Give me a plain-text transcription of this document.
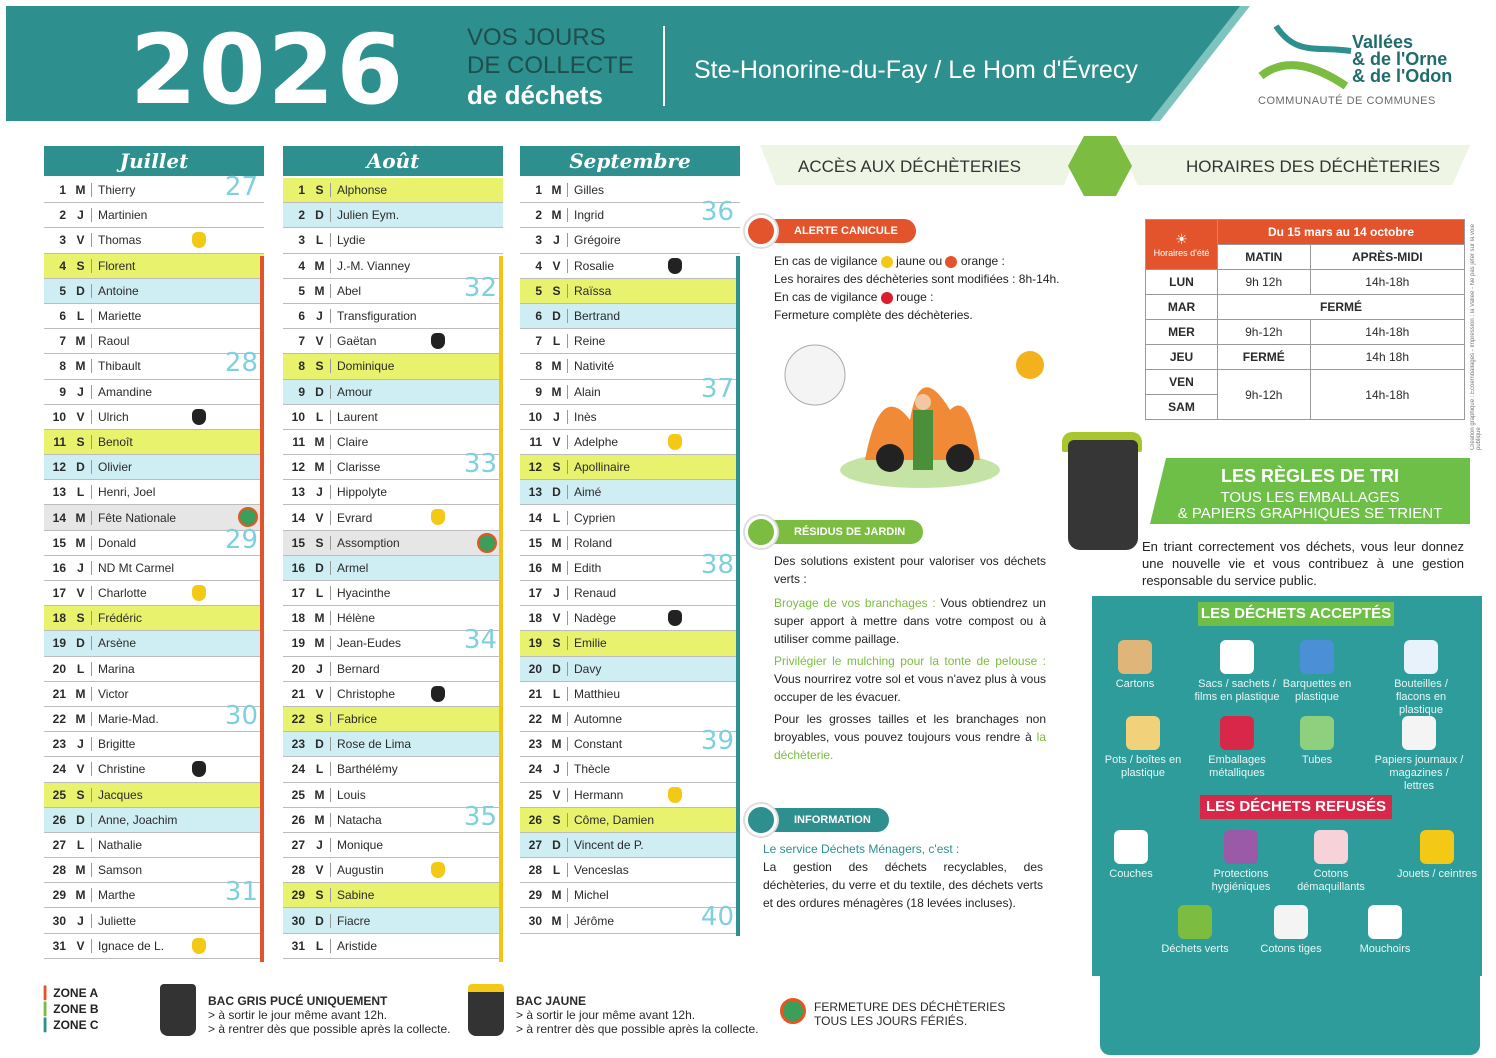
2026	VOS JOURS
DE COLLECTE
de déchets
Ste-Honorine-du-Fay / Le Hom d'Évrecy
Vallées
& de l'Orne
& de l'Odon
COMMUNAUTÉ DE COMMUNES
Juillet
1 M	Thierry	27
2 J	Martinien
3 V	Thomas
4 S	Florent
5 D	Antoine
6 L	Mariette
7 M	Raoul
8 M	Thibault	28
9 J	Amandine
10 V	Ulrich
11 S	Benoît
12 D	Olivier
13 L	Henri, Joel
14 M	Fête Nationale
15 M	Donald	29
16 J	ND Mt Carmel
17 V	Charlotte
18 S	Frédéric
19 D	Arsène
20 L	Marina
21 M	Victor
22 M	Marie-Mad.	30
23 J	Brigitte
24 V	Christine
25 S	Jacques
26 D	Anne, Joachim
27 L	Nathalie
28 M	Samson
29 M	Marthe	31
30 J	Juliette
31 V	Ignace de L.
Août
1 S	Alphonse
2 D	Julien Eym.
3 L	Lydie
4 M	J.-M. Vianney
5 M	Abel	32
6 J	Transfiguration
7 V	Gaëtan
8 S	Dominique
9 D	Amour
10 L	Laurent
11 M	Claire
12 M	Clarisse	33
13 J	Hippolyte
14 V	Evrard
15 S	Assomption
16 D	Armel
17 L	Hyacinthe
18 M	Hélène
19 M	Jean-Eudes	34
20 J	Bernard
21 V	Christophe
22 S	Fabrice
23 D	Rose de Lima
24 L	Barthélémy
25 M	Louis
26 M	Natacha	35
27 J	Monique
28 V	Augustin
29 S	Sabine
30 D	Fiacre
31 L	Aristide
Septembre
1 M	Gilles
2 M	Ingrid	36
3 J	Grégoire
4 V	Rosalie
5 S	Raïssa
6 D	Bertrand
7 L	Reine
8 M	Nativité
9 M	Alain	37
10 J	Inès
11 V	Adelphe
12 S	Apollinaire
13 D	Aimé
14 L	Cyprien
15 M	Roland
16 M	Edith	38
17 J	Renaud
18 V	Nadège
19 S	Emilie
20 D	Davy
21 L	Matthieu
22 M	Automne
23 M	Constant	39
24 J	Thècle
25 V	Hermann
26 S	Côme, Damien
27 D	Vincent de P.
28 L	Venceslas
29 M	Michel
30 M	Jérôme	40
ACCÈS AUX DÉCHÈTERIES	HORAIRES DES DÉCHÈTERIES
ALERTE CANICULE
En cas de vigilance jaune ou orange :
Les horaires des déchèteries sont modifiées : 8h-14h.
En cas de vigilance rouge :
Fermeture complète des déchèteries.
RÉSIDUS DE JARDIN
Des solutions existent pour valoriser vos déchets verts :
Broyage de vos branchages : Vous obtiendrez un super apport à mettre dans votre compost ou à utiliser comme paillage.
Privilégier le mulching pour la tonte de pelouse : Vous nourrirez votre sol et vous n'avez plus à vous occuper de les évacuer.
Pour les grosses tailles et les branchages non broyables, vous pouvez toujours vous rendre à la déchèterie.
INFORMATION
Le service Déchets Ménagers, c'est :
La gestion des déchets recyclables, des déchèteries, du verre et du textile, des déchets verts et des ordures ménagères (18 levées incluses).
☀
Horaires d'été	Du 15 mars au 14 octobre	
	MATIN	APRÈS-MIDI
LUN	9h 12h	14h-18h
MAR	FERMÉ	
MER	9h-12h	14h-18h
JEU	FERMÉ	14h 18h
VEN	9h-12h	14h-18h
SAM			Création graphique : Ecoemballages - Impression : la Vallée - Ne pas jeter sur la voie publique
LES RÈGLES DE TRI
TOUS LES EMBALLAGES
& PAPIERS GRAPHIQUES SE TRIENT
En triant correctement vos déchets, vous leur donnez une nouvelle vie et vous contribuez à une gestion responsable du service public.
LES DÉCHETS ACCEPTÉS
LES DÉCHETS REFUSÉS
Cartons	Sacs / sachets / films en plastique
Barquettes en plastique
Bouteilles / flacons en plastique
Pots / boîtes en plastique
Emballages métalliques
Tubes	Papiers journaux / magazines / lettres
Couches	Protections hygiéniques
Cotons démaquillants
Jouets / ceintres
Déchets verts	Cotons tiges	Mouchoirs
▎ZONE A
▎ZONE B
▎ZONE C
BAC GRIS PUCÉ UNIQUEMENT
> à sortir le jour même avant 12h.
> à rentrer dès que possible après la collecte.
BAC JAUNE
> à sortir le jour même avant 12h.
> à rentrer dès que possible après la collecte.
FERMETURE DES DÉCHÈTERIES
TOUS LES JOURS FÉRIÉS.
